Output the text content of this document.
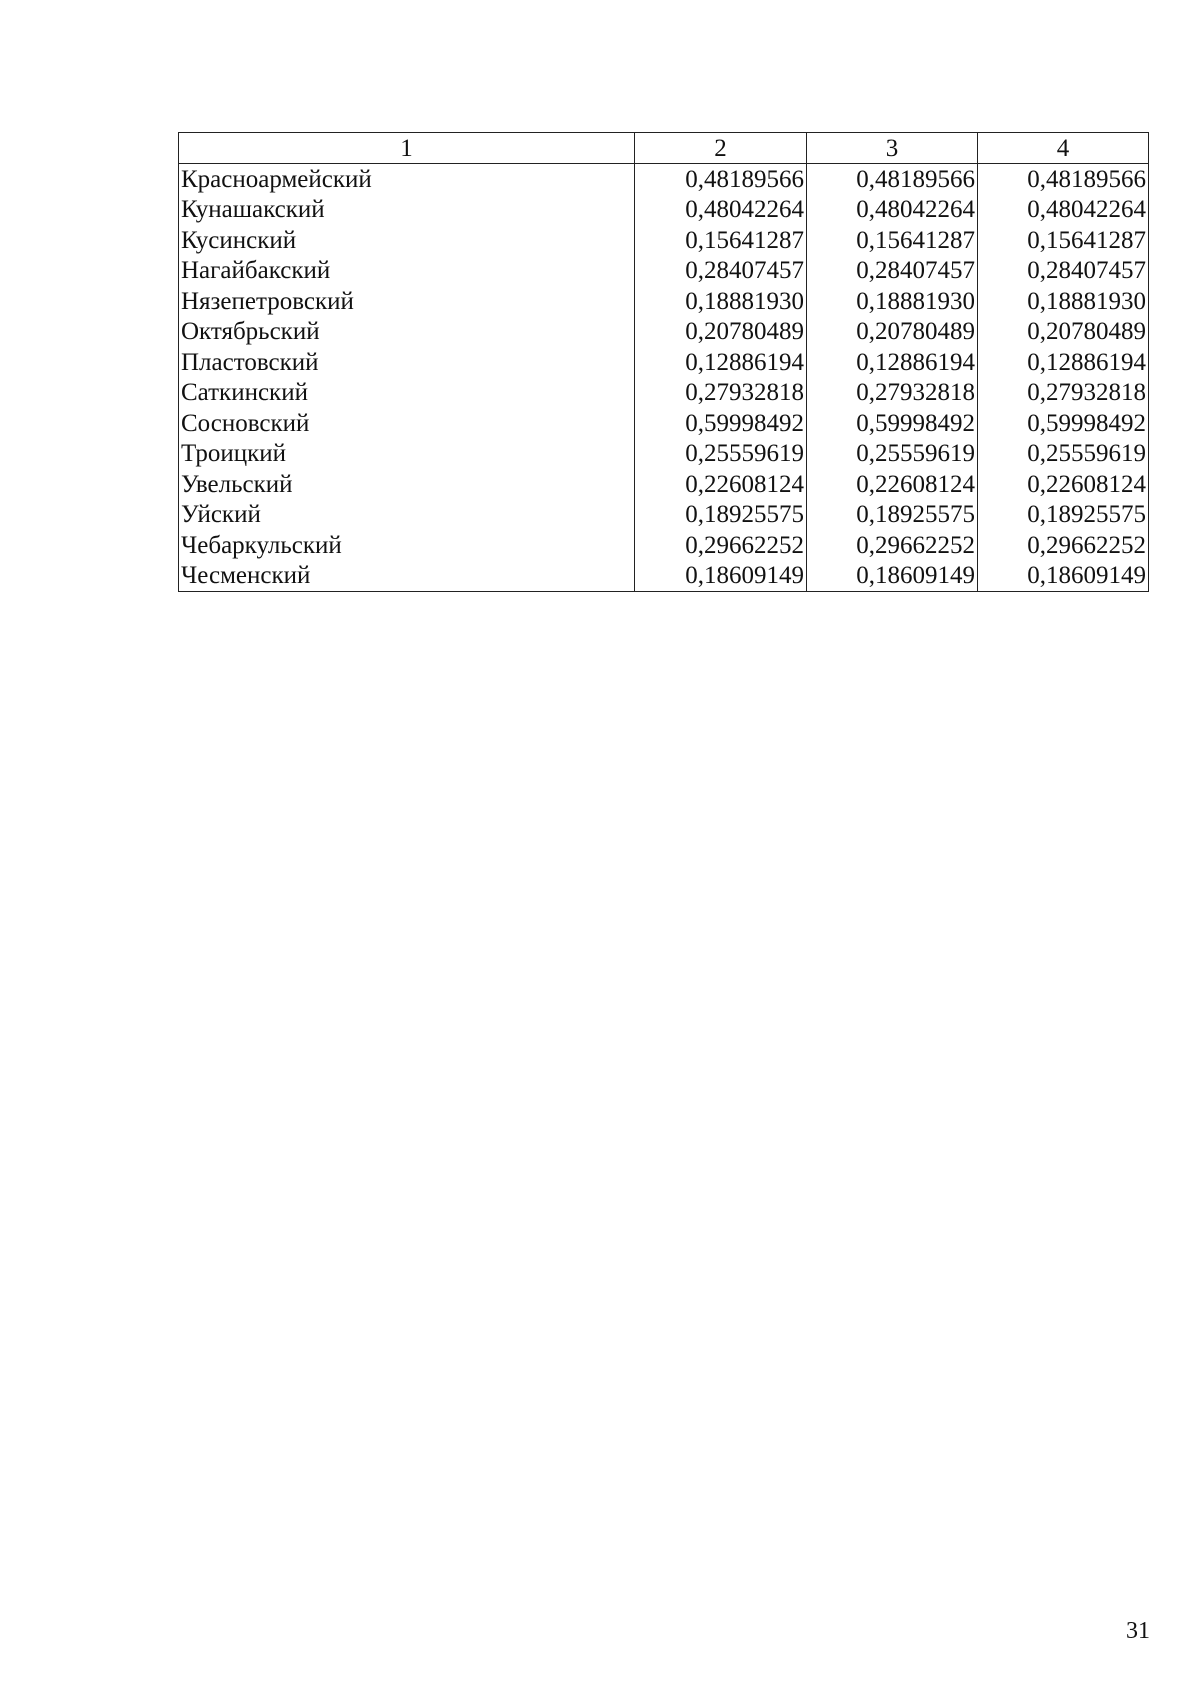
1	2	3	4
Красноармейский	0,48189566	0,48189566	0,48189566
Кунашакский	0,48042264	0,48042264	0,48042264
Кусинский	0,15641287	0,15641287	0,15641287
Нагайбакский	0,28407457	0,28407457	0,28407457
Нязепетровский	0,18881930	0,18881930	0,18881930
Октябрьский	0,20780489	0,20780489	0,20780489
Пластовский	0,12886194	0,12886194	0,12886194
Саткинский	0,27932818	0,27932818	0,27932818
Сосновский	0,59998492	0,59998492	0,59998492
Троицкий	0,25559619	0,25559619	0,25559619
Увельский	0,22608124	0,22608124	0,22608124
Уйский	0,18925575	0,18925575	0,18925575
Чебаркульский	0,29662252	0,29662252	0,29662252
Чесменский	0,18609149	0,18609149	0,18609149
31
